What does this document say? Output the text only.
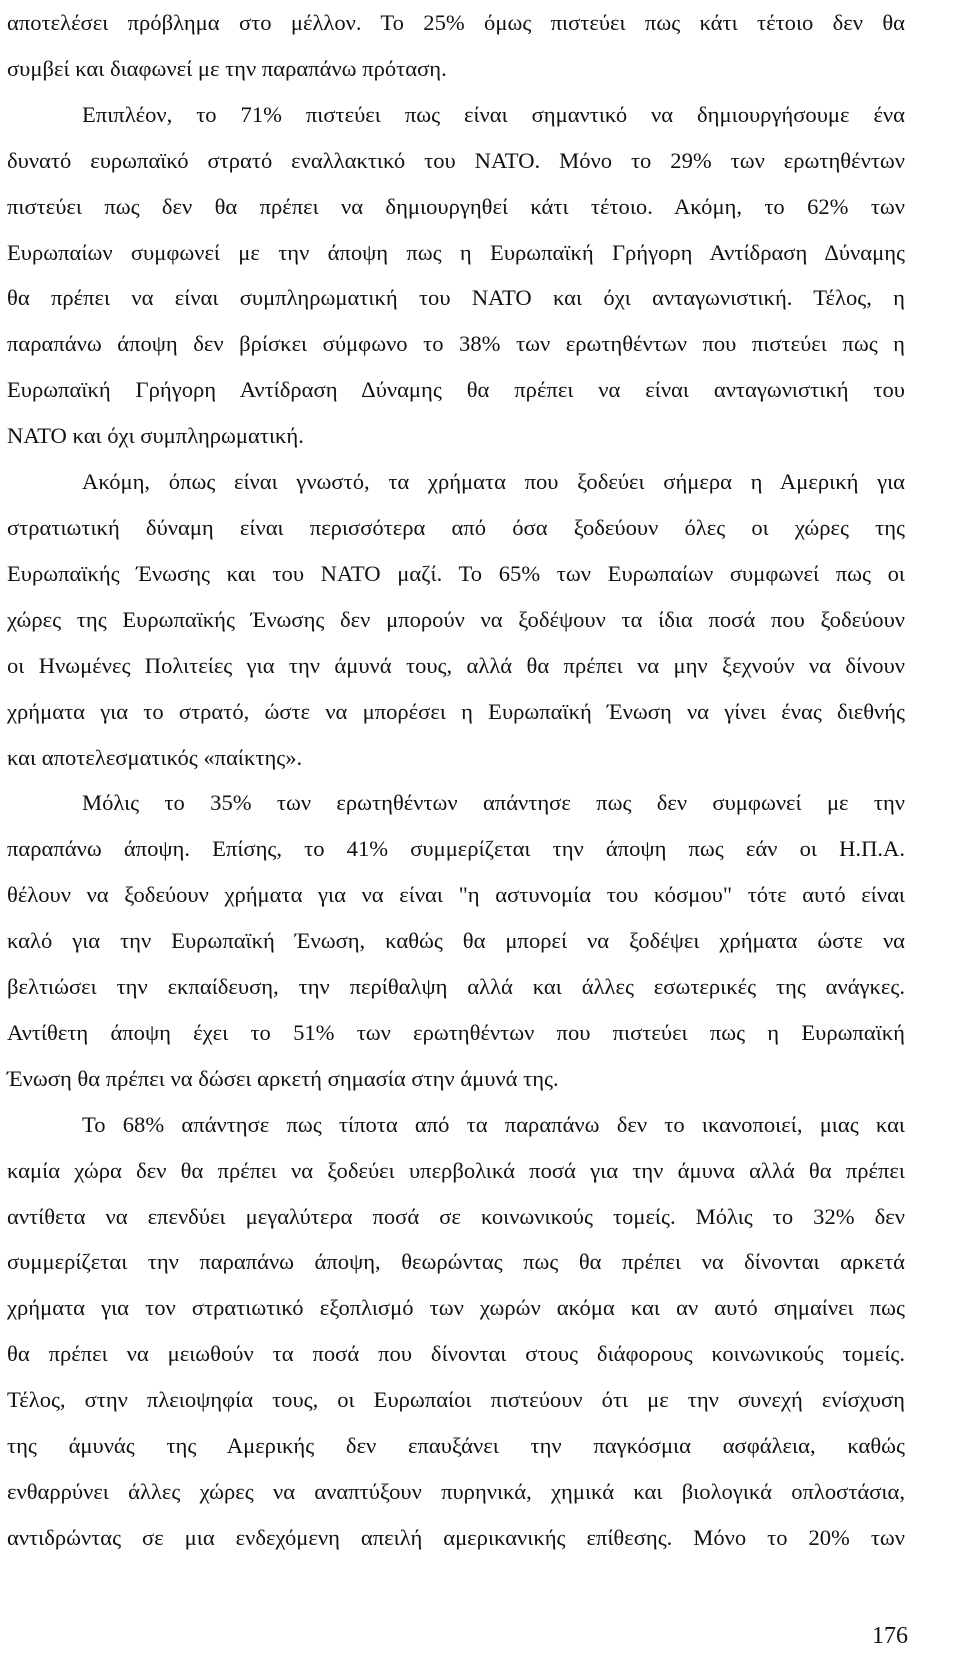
αποτελέσει πρόβλημα στο μέλλον. Το 25% όμως πιστεύει πως κάτι τέτοιο δεν θα

συμβεί και διαφωνεί με την παραπάνω πρόταση.

Επιπλέον, το 71% πιστεύει πως είναι σημαντικό να δημιουργήσουμε ένα

δυνατό ευρωπαϊκό στρατό εναλλακτικό του ΝΑΤΟ. Μόνο το 29% των ερωτηθέντων

πιστεύει πως δεν θα πρέπει να δημιουργηθεί κάτι τέτοιο. Ακόμη, το 62% των

Ευρωπαίων συμφωνεί με την άποψη πως η Ευρωπαϊκή Γρήγορη Αντίδραση Δύναμης

θα πρέπει να είναι συμπληρωματική του ΝΑΤΟ και όχι ανταγωνιστική. Τέλος, η

παραπάνω άποψη δεν βρίσκει σύμφωνο το 38% των ερωτηθέντων που πιστεύει πως η

Ευρωπαϊκή Γρήγορη Αντίδραση Δύναμης θα πρέπει να είναι ανταγωνιστική του

ΝΑΤΟ και όχι συμπληρωματική.

Ακόμη, όπως είναι γνωστό, τα χρήματα που ξοδεύει σήμερα η Αμερική για

στρατιωτική δύναμη είναι περισσότερα από όσα ξοδεύουν όλες οι χώρες της

Ευρωπαϊκής Ένωσης και του ΝΑΤΟ μαζί. Το 65% των Ευρωπαίων συμφωνεί πως οι

χώρες της Ευρωπαϊκής Ένωσης δεν μπορούν να ξοδέψουν τα ίδια ποσά που ξοδεύουν

οι Ηνωμένες Πολιτείες για την άμυνά τους, αλλά θα πρέπει να μην ξεχνούν να δίνουν

χρήματα για το στρατό, ώστε να μπορέσει η Ευρωπαϊκή Ένωση να γίνει ένας διεθνής

και αποτελεσματικός «παίκτης».

Μόλις το 35% των ερωτηθέντων απάντησε πως δεν συμφωνεί με την

παραπάνω άποψη. Επίσης, το 41% συμμερίζεται την άποψη πως εάν οι Η.Π.Α.

θέλουν να ξοδεύουν χρήματα για να είναι "η αστυνομία του κόσμου" τότε αυτό είναι

καλό για την Ευρωπαϊκή Ένωση, καθώς θα μπορεί να ξοδέψει χρήματα ώστε να

βελτιώσει την εκπαίδευση, την περίθαλψη αλλά και άλλες εσωτερικές της ανάγκες.

Αντίθετη άποψη έχει το 51% των ερωτηθέντων που πιστεύει πως η Ευρωπαϊκή

Ένωση θα πρέπει να δώσει αρκετή σημασία στην άμυνά της.

Το 68% απάντησε πως τίποτα από τα παραπάνω δεν το ικανοποιεί, μιας και

καμία χώρα δεν θα πρέπει να ξοδεύει υπερβολικά ποσά για την άμυνα αλλά θα πρέπει

αντίθετα να επενδύει μεγαλύτερα ποσά σε κοινωνικούς τομείς. Μόλις το 32% δεν

συμμερίζεται την παραπάνω άποψη, θεωρώντας πως θα πρέπει να δίνονται αρκετά

χρήματα για τον στρατιωτικό εξοπλισμό των χωρών ακόμα και αν αυτό σημαίνει πως

θα πρέπει να μειωθούν τα ποσά που δίνονται στους διάφορους κοινωνικούς τομείς.

Τέλος, στην πλειοψηφία τους, οι Ευρωπαίοι πιστεύουν ότι με την συνεχή ενίσχυση

της άμυνάς της Αμερικής δεν επαυξάνει την παγκόσμια ασφάλεια, καθώς

ενθαρρύνει άλλες χώρες να αναπτύξουν πυρηνικά, χημικά και βιολογικά οπλοστάσια,

αντιδρώντας σε μια ενδεχόμενη απειλή αμερικανικής επίθεσης. Μόνο το 20% των

176
